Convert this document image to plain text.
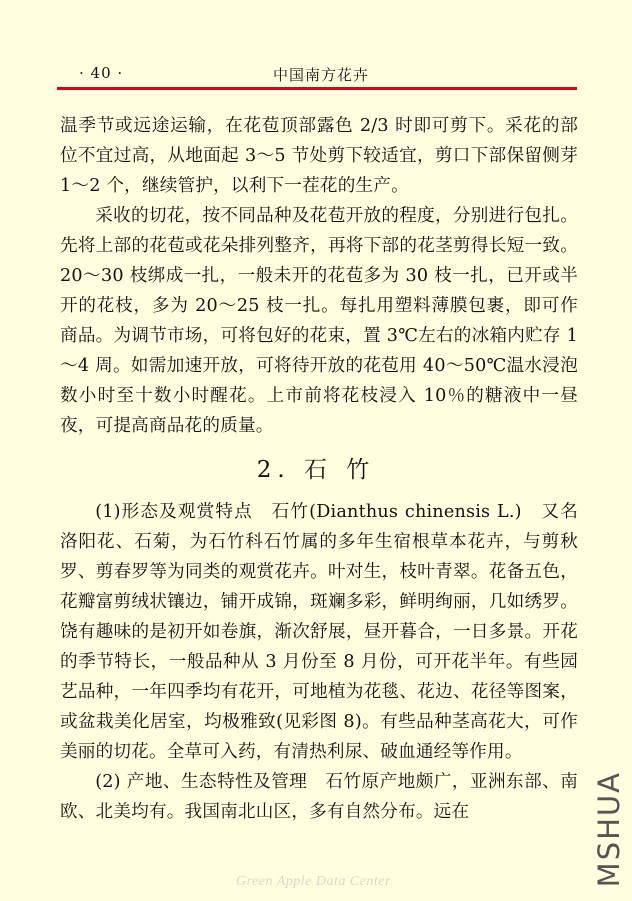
· 40 ·	中国南方花卉

温季节或远途运输，在花苞顶部露色 2/3 时即可剪下。采花的部位不宜过高，从地面起 3～5 节处剪下较适宜，剪口下部保留侧芽 1～2 个，继续管护，以利下一茬花的生产。

采收的切花，按不同品种及花苞开放的程度，分别进行包扎。先将上部的花苞或花朵排列整齐，再将下部的花茎剪得长短一致。20～30 枝绑成一扎，一般未开的花苞多为 30 枝一扎，已开或半开的花枝，多为 20～25 枝一扎。每扎用塑料薄膜包裹，即可作商品。为调节市场，可将包好的花束，置 3℃左右的冰箱内贮存 1～4 周。如需加速开放，可将待开放的花苞用 40～50℃温水浸泡数小时至十数小时醒花。上市前将花枝浸入 10％的糖液中一昼夜，可提高商品花的质量。

2. 石 竹

(1)形态及观赏特点　石竹(Dianthus chinensis L.)　又名洛阳花、石菊，为石竹科石竹属的多年生宿根草本花卉，与剪秋罗、剪春罗等为同类的观赏花卉。叶对生，枝叶青翠。花备五色，花瓣富剪绒状镶边，铺开成锦，斑斓多彩，鲜明绚丽，几如绣罗。饶有趣味的是初开如卷旗，渐次舒展，昼开暮合，一日多景。开花的季节特长，一般品种从 3 月份至 8 月份，可开花半年。有些园艺品种，一年四季均有花开，可地植为花毯、花边、花径等图案，或盆栽美化居室，均极雅致(见彩图 8)。有些品种茎高花大，可作美丽的切花。全草可入药，有清热利尿、破血通经等作用。

(2) 产地、生态特性及管理　石竹原产地颇广，亚洲东部、南欧、北美均有。我国南北山区，多有自然分布。远在

Green Apple Data Center	MSHUA
